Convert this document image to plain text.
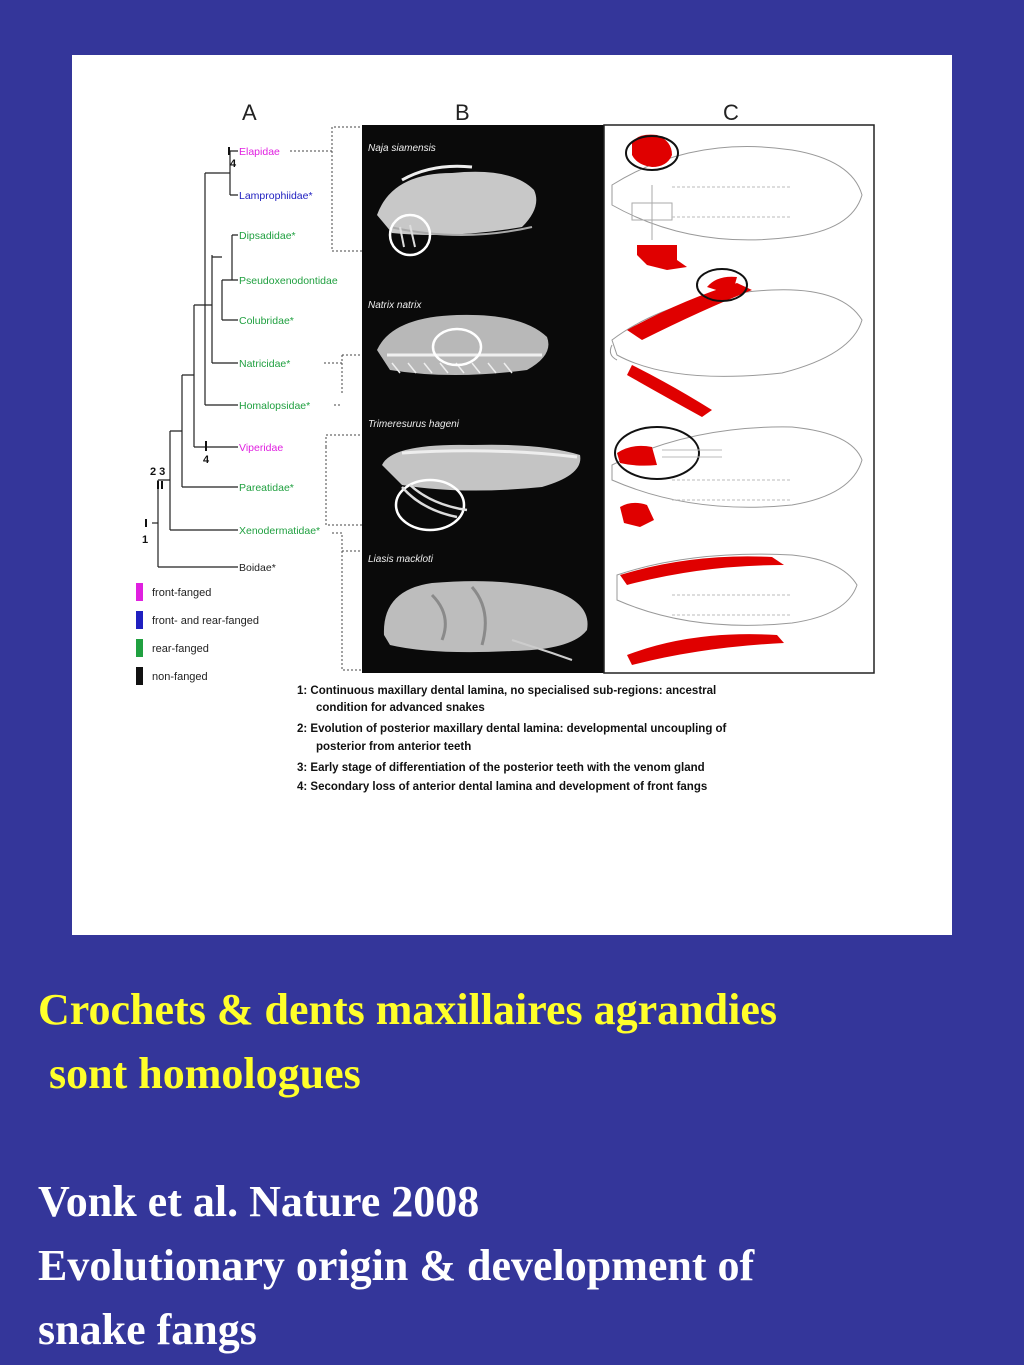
A	B	C
4
4
2 3
1
Elapidae
Lamprophiidae*
Dipsadidae*
Pseudoxenodontidae
Colubridae*
Natricidae*
Homalopsidae*
Viperidae
Pareatidae*
Xenodermatidae*
Boidae*
Naja siamensis
Natrix natrix
Trimeresurus hageni
Liasis mackloti
front-fanged
front- and rear-fanged
rear-fanged
non-fanged
1: Continuous maxillary dental lamina, no specialised sub-regions: ancestral
condition for advanced snakes
2: Evolution of posterior maxillary dental lamina: developmental uncoupling of
posterior from anterior teeth
3: Early stage of differentiation of the posterior teeth with the venom gland
4: Secondary loss of anterior dental lamina and development of front fangs
Crochets & dents maxillaires agrandies
sont homologues
Vonk et al. Nature 2008
Evolutionary origin & development of
snake fangs
